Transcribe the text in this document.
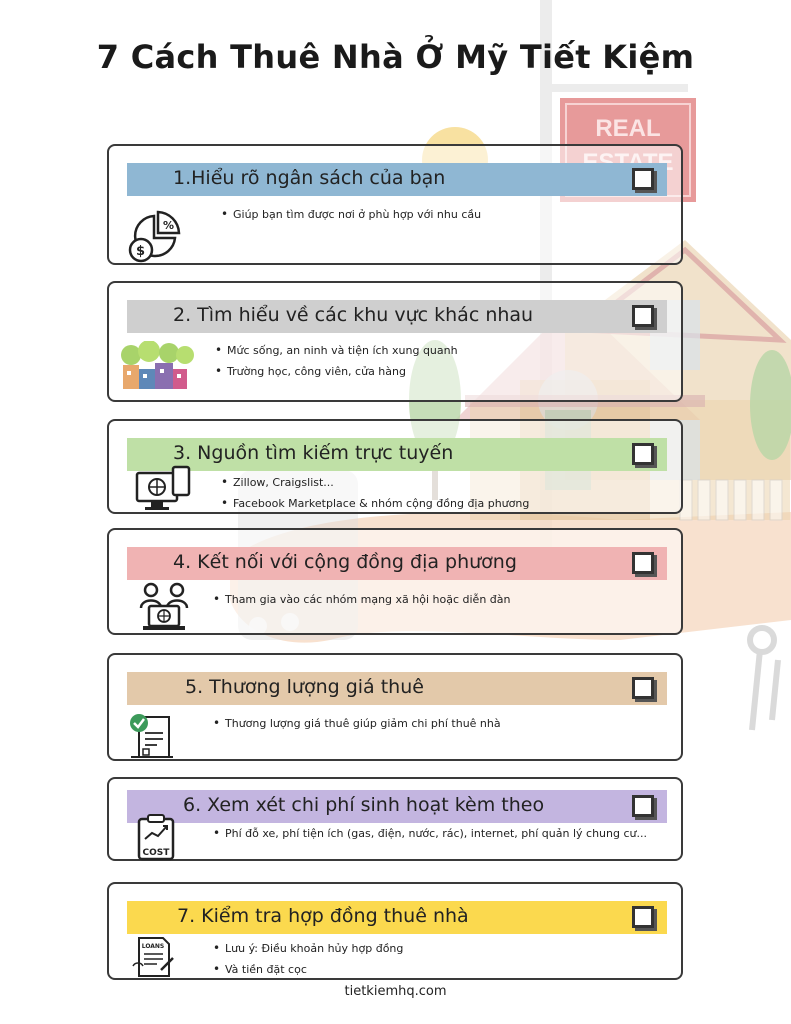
REAL
7 Cách Thuê Nhà Ở Mỹ Tiết Kiệm
1.Hiểu rõ ngân sách của bạn
%
$
• Giúp bạn tìm được nơi ở phù hợp với nhu cầu
2. Tìm hiểu về các khu vực khác nhau
• Mức sống, an ninh và tiện ích xung quanh
• Trường học, công viên, cửa hàng
3. Nguồn tìm kiếm trực tuyến
• Zillow, Craigslist...
• Facebook Marketplace & nhóm cộng đồng địa phương
4. Kết nối với cộng đồng địa phương
• Tham gia vào các nhóm mạng xã hội hoặc diễn đàn
5. Thương lượng giá thuê
• Thương lượng giá thuê giúp giảm chi phí thuê nhà
6. Xem xét chi phí sinh hoạt kèm theo
COST
• Phí đỗ xe, phí tiện ích (gas, điện, nước, rác), internet, phí quản lý chung cư...
7. Kiểm tra hợp đồng thuê nhà
LOANS
•	Lưu ý: Điều khoản hủy hợp đồng
• Và tiền đặt cọc
tietkiemhq.com
